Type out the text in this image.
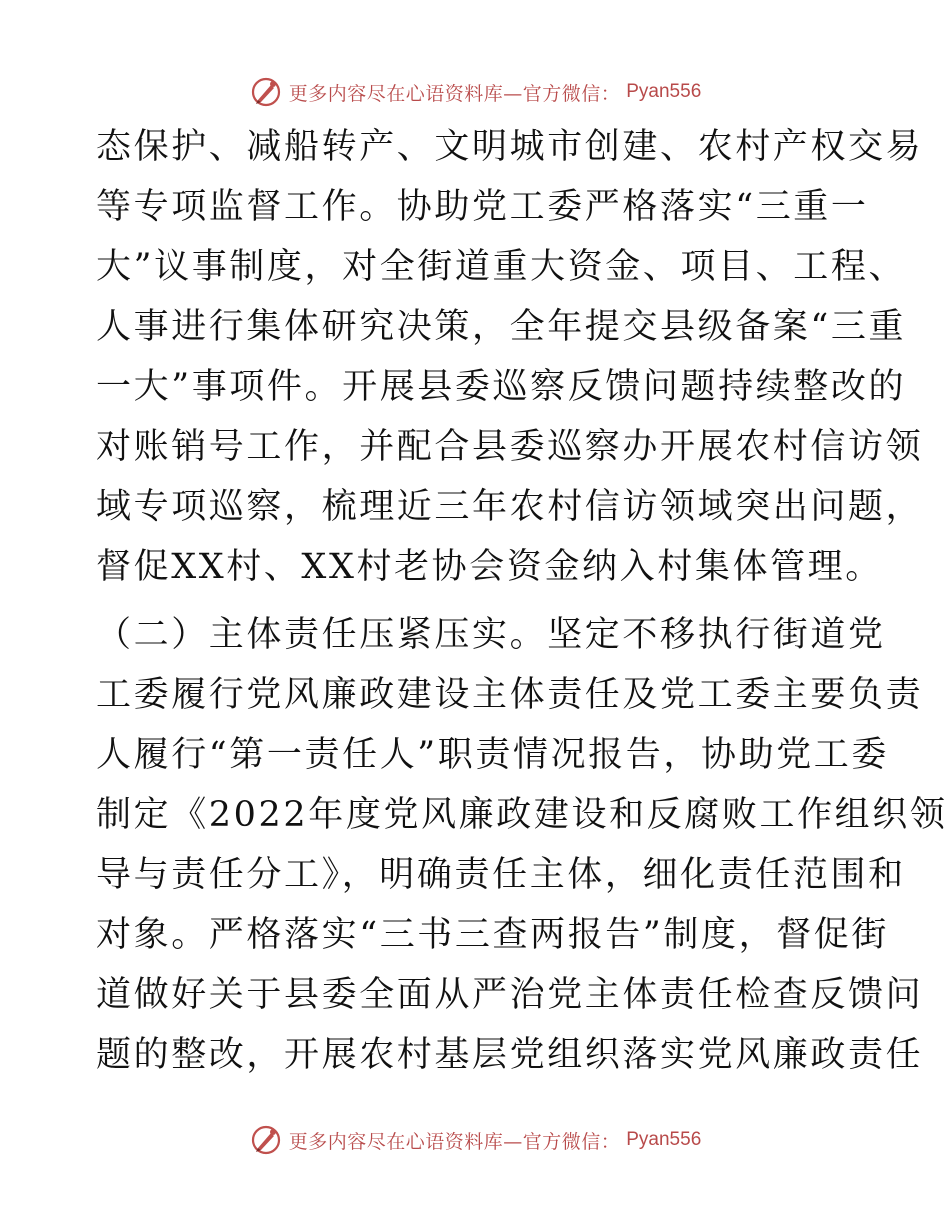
更多内容尽在心语资料库—官方微信： Pyan556
态保护、减船转产、文明城市创建、农村产权交易
等专项监督工作。协助党工委严格落实“三重一
大”议事制度，对全街道重大资金、项目、工程、
人事进行集体研究决策，全年提交县级备案“三重
一大”事项件。开展县委巡察反馈问题持续整改的
对账销号工作，并配合县委巡察办开展农村信访领
域专项巡察，梳理近三年农村信访领域突出问题，
督促XX村、XX村老协会资金纳入村集体管理。
（二）主体责任压紧压实。坚定不移执行街道党
工委履行党风廉政建设主体责任及党工委主要负责
人履行“第一责任人”职责情况报告，协助党工委
制定《2022年度党风廉政建设和反腐败工作组织领
导与责任分工》，明确责任主体，细化责任范围和
对象。严格落实“三书三查两报告”制度，督促街
道做好关于县委全面从严治党主体责任检查反馈问
题的整改，开展农村基层党组织落实党风廉政责任
更多内容尽在心语资料库—官方微信： Pyan556
